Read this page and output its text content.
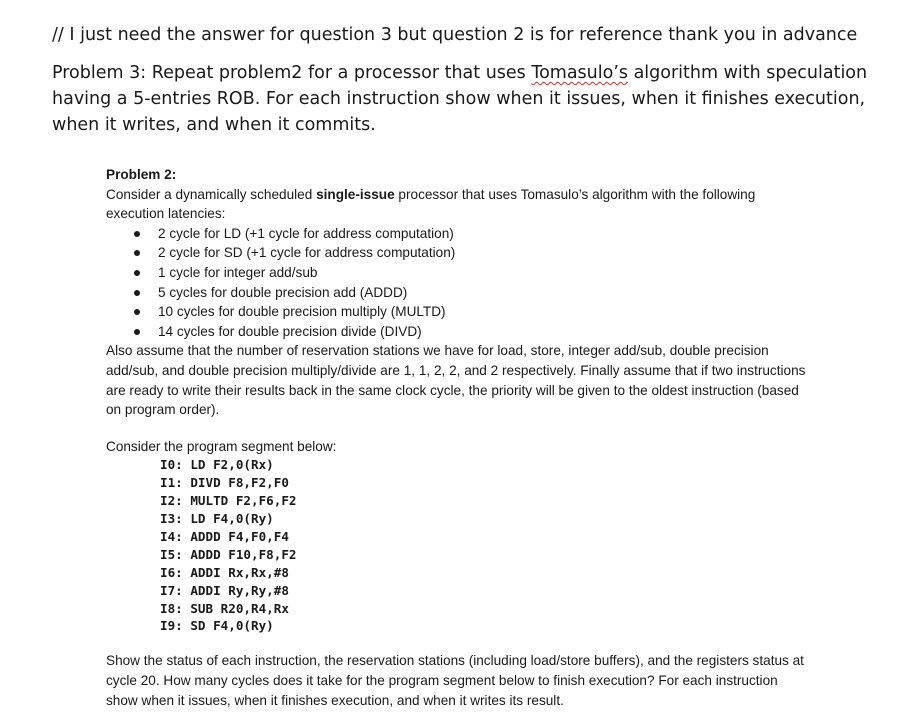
// I just need the answer for question 3 but question 2 is for reference thank you in advance

Problem 3: Repeat problem2 for a processor that uses Tomasulo’s algorithm with speculation having a 5-entries ROB. For each instruction show when it issues, when it finishes execution, when it writes, and when it commits.

Problem 2:

Consider a dynamically scheduled single-issue processor that uses Tomasulo’s algorithm with the following execution latencies:

2 cycle for LD (+1 cycle for address computation)
2 cycle for SD (+1 cycle for address computation)
1 cycle for integer add/sub
5 cycles for double precision add (ADDD)
10 cycles for double precision multiply (MULTD)
14 cycles for double precision divide (DIVD)

Also assume that the number of reservation stations we have for load, store, integer add/sub, double precision add/sub, and double precision multiply/divide are 1, 1, 2, 2, and 2 respectively. Finally assume that if two instructions are ready to write their results back in the same clock cycle, the priority will be given to the oldest instruction (based on program order).

Consider the program segment below:

I0: LD F2,0(Rx)
I1: DIVD F8,F2,F0
I2: MULTD F2,F6,F2
I3: LD F4,0(Ry)
I4: ADDD F4,F0,F4
I5: ADDD F10,F8,F2
I6: ADDI Rx,Rx,#8
I7: ADDI Ry,Ry,#8
I8: SUB R20,R4,Rx
I9: SD F4,0(Ry)

Show the status of each instruction, the reservation stations (including load/store buffers), and the registers status at cycle 20. How many cycles does it take for the program segment below to finish execution? For each instruction show when it issues, when it finishes execution, and when it writes its result.
